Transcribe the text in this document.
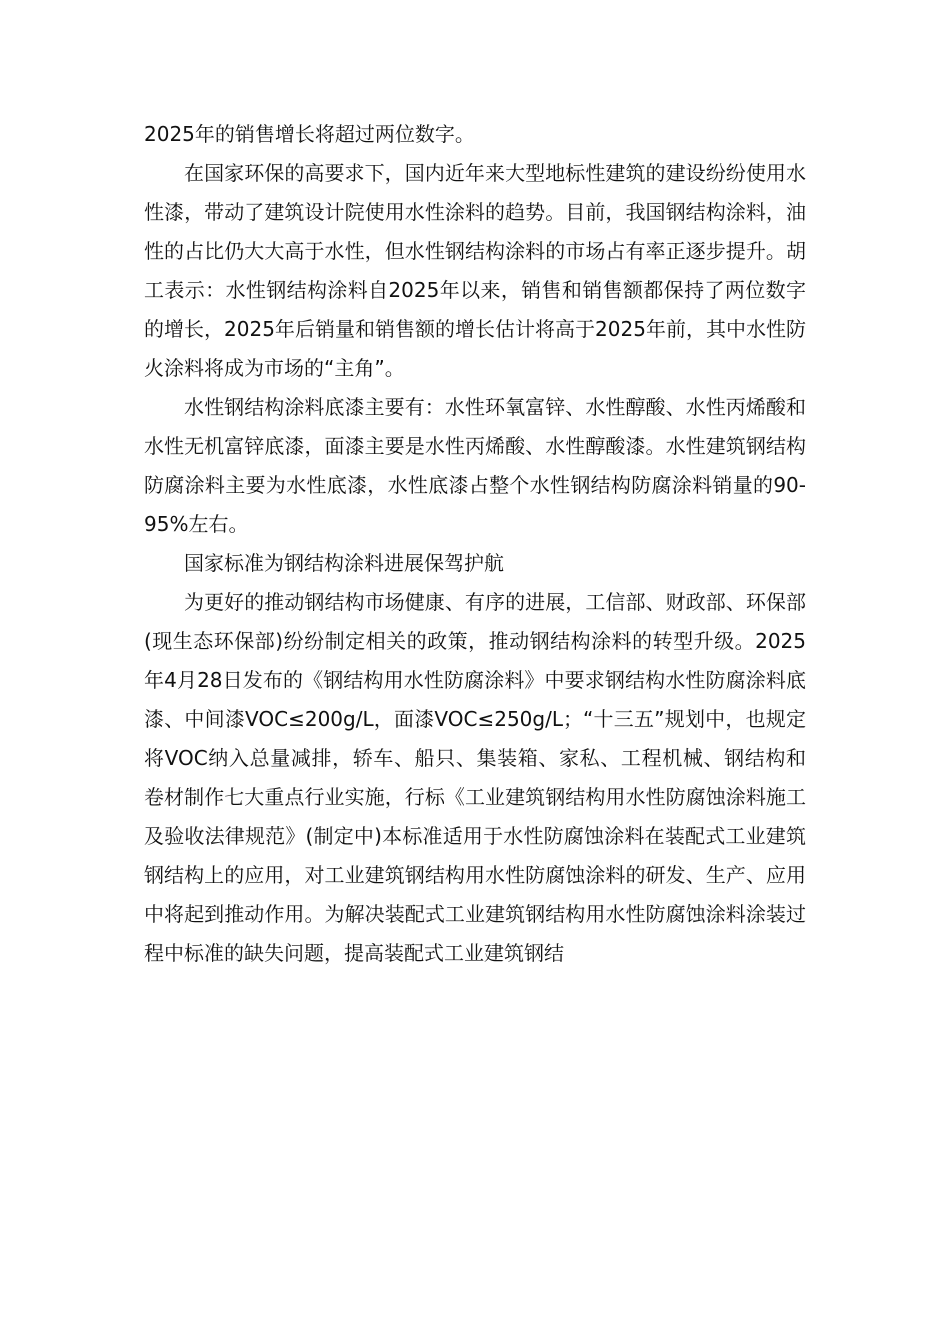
2025年的销售增长将超过两位数字。

在国家环保的高要求下，国内近年来大型地标性建筑的建设纷纷使用水性漆，带动了建筑设计院使用水性涂料的趋势。目前，我国钢结构涂料，油性的占比仍大大高于水性，但水性钢结构涂料的市场占有率正逐步提升。胡工表示：水性钢结构涂料自2025年以来，销售和销售额都保持了两位数字的增长，2025年后销量和销售额的增长估计将高于2025年前，其中水性防火涂料将成为市场的“主角”。

水性钢结构涂料底漆主要有：水性环氧富锌、水性醇酸、水性丙烯酸和水性无机富锌底漆，面漆主要是水性丙烯酸、水性醇酸漆。水性建筑钢结构防腐涂料主要为水性底漆，水性底漆占整个水性钢结构防腐涂料销量的90-95%左右。

国家标准为钢结构涂料进展保驾护航

为更好的推动钢结构市场健康、有序的进展，工信部、财政部、环保部(现生态环保部)纷纷制定相关的政策，推动钢结构涂料的转型升级。2025年4月28日发布的《钢结构用水性防腐涂料》中要求钢结构水性防腐涂料底漆、中间漆VOC≤200g/L，面漆VOC≤250g/L；“十三五”规划中，也规定将VOC纳入总量减排，轿车、船只、集装箱、家私、工程机械、钢结构和卷材制作七大重点行业实施，行标《工业建筑钢结构用水性防腐蚀涂料施工及验收法律规范》(制定中)本标准适用于水性防腐蚀涂料在装配式工业建筑钢结构上的应用，对工业建筑钢结构用水性防腐蚀涂料的研发、生产、应用中将起到推动作用。为解决装配式工业建筑钢结构用水性防腐蚀涂料涂装过程中标准的缺失问题，提高装配式工业建筑钢结
